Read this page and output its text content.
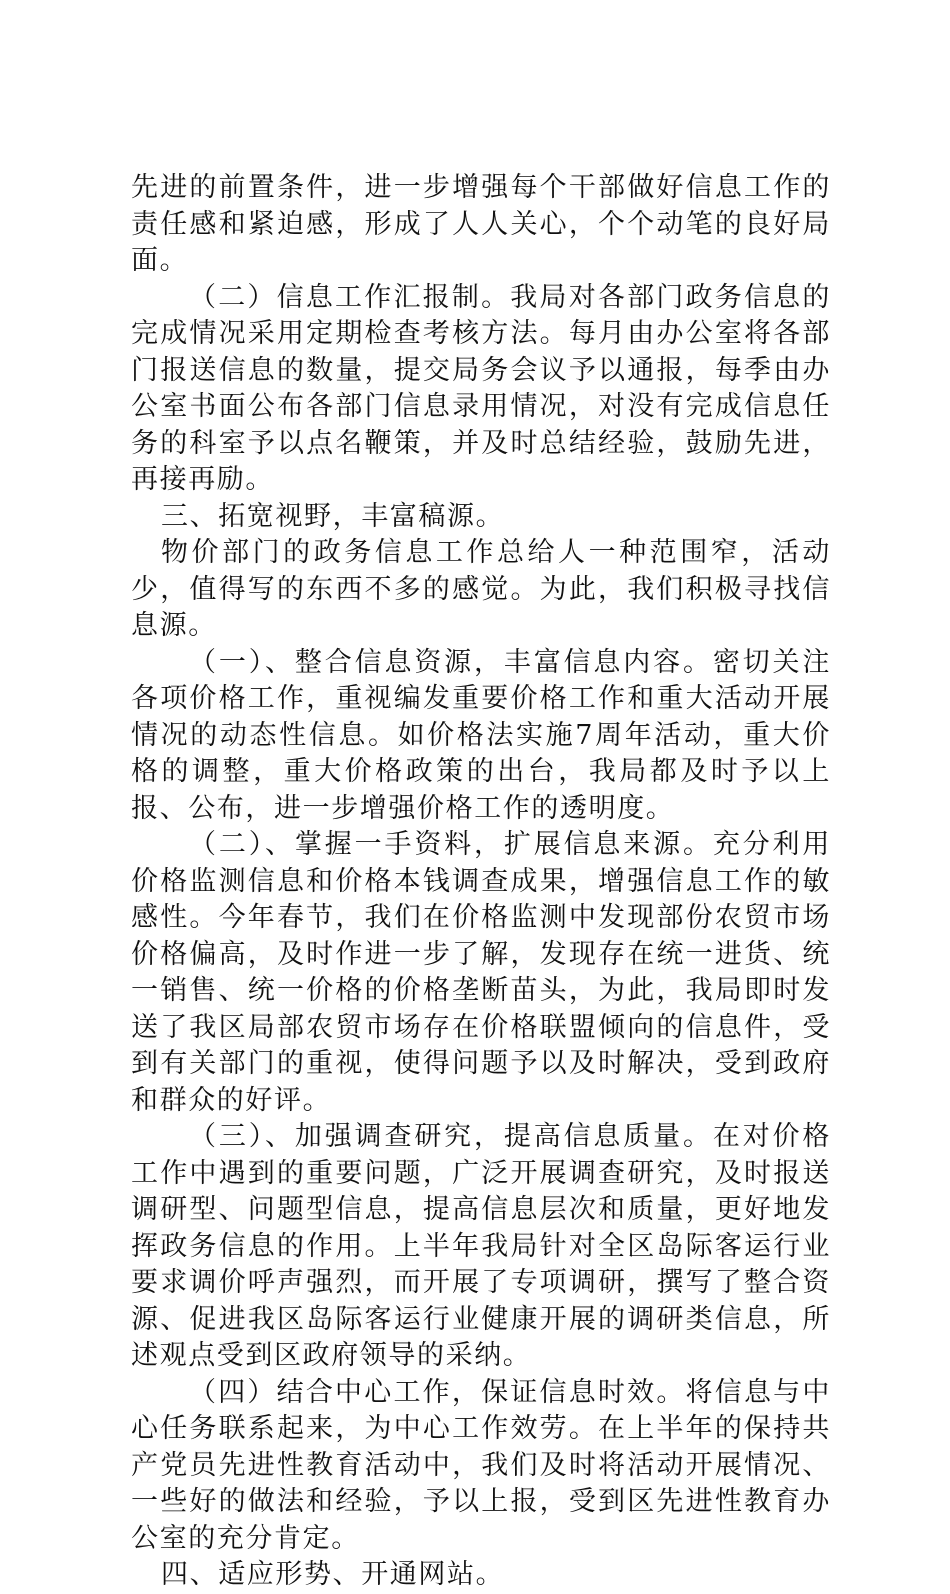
先进的前置条件，进一步增强每个干部做好信息工作的责任感和紧迫感，形成了人人关心，个个动笔的良好局面。

（二）信息工作汇报制。我局对各部门政务信息的完成情况采用定期检查考核方法。每月由办公室将各部门报送信息的数量，提交局务会议予以通报，每季由办公室书面公布各部门信息录用情况，对没有完成信息任务的科室予以点名鞭策，并及时总结经验，鼓励先进，再接再励。

三、拓宽视野，丰富稿源。

物价部门的政务信息工作总给人一种范围窄，活动少，值得写的东西不多的感觉。为此，我们积极寻找信息源。

（一）、整合信息资源，丰富信息内容。密切关注各项价格工作，重视编发重要价格工作和重大活动开展情况的动态性信息。如价格法实施7周年活动，重大价格的调整，重大价格政策的出台，我局都及时予以上报、公布，进一步增强价格工作的透明度。

（二）、掌握一手资料，扩展信息来源。充分利用价格监测信息和价格本钱调查成果，增强信息工作的敏感性。今年春节，我们在价格监测中发现部份农贸市场价格偏高，及时作进一步了解，发现存在统一进货、统一销售、统一价格的价格垄断苗头，为此，我局即时发送了我区局部农贸市场存在价格联盟倾向的信息件，受到有关部门的重视，使得问题予以及时解决，受到政府和群众的好评。

（三）、加强调查研究，提高信息质量。在对价格工作中遇到的重要问题，广泛开展调查研究，及时报送调研型、问题型信息，提高信息层次和质量，更好地发挥政务信息的作用。上半年我局针对全区岛际客运行业要求调价呼声强烈，而开展了专项调研，撰写了整合资源、促进我区岛际客运行业健康开展的调研类信息，所述观点受到区政府领导的采纳。

（四）结合中心工作，保证信息时效。将信息与中心任务联系起来，为中心工作效劳。在上半年的保持共产党员先进性教育活动中，我们及时将活动开展情况、一些好的做法和经验，予以上报，受到区先进性教育办公室的充分肯定。

四、适应形势、开通网站。
